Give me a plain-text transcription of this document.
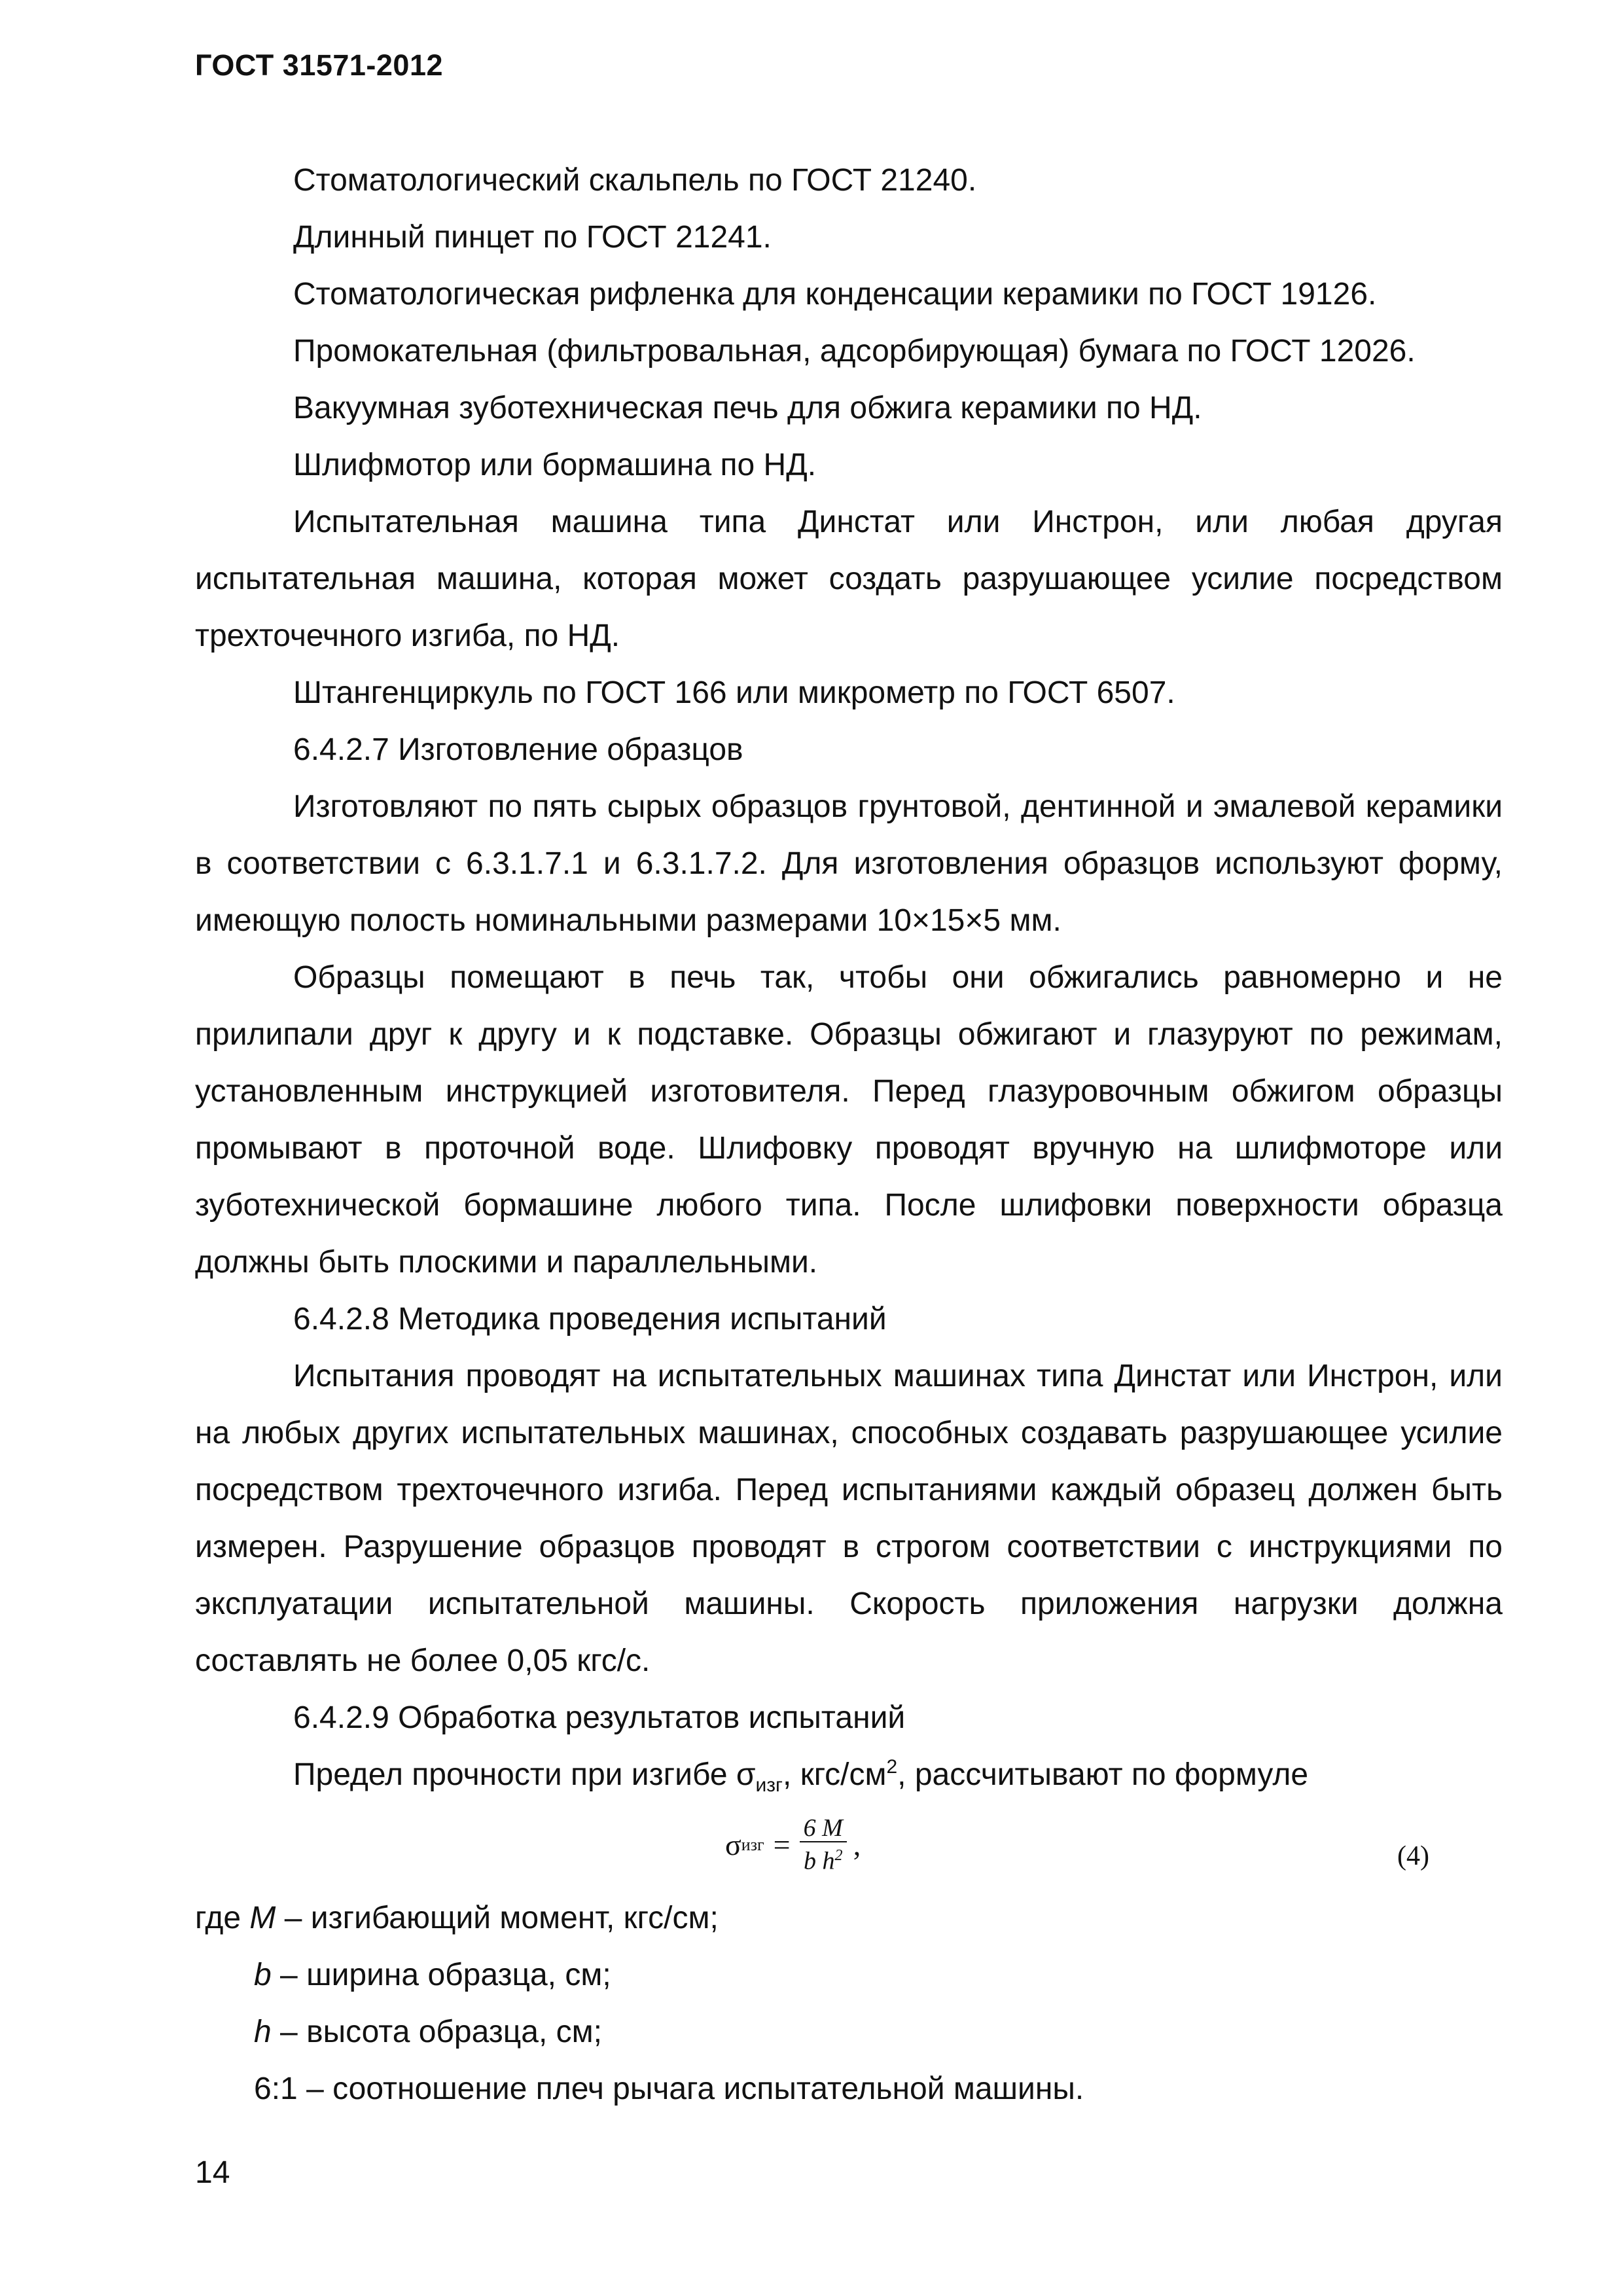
ГОСТ 31571-2012

Стоматологический скальпель по ГОСТ 21240.

Длинный пинцет по ГОСТ 21241.

Стоматологическая рифленка для конденсации керамики по ГОСТ 19126.

Промокательная (фильтровальная, адсорбирующая) бумага по ГОСТ 12026.

Вакуумная зуботехническая печь для обжига керамики по НД.

Шлифмотор или бормашина по НД.

Испытательная машина типа Динстат или Инстрон, или любая другая испытательная машина, которая может создать разрушающее усилие посредством трехточечного изгиба, по НД.

Штангенциркуль по ГОСТ 166 или микрометр по ГОСТ 6507.

6.4.2.7 Изготовление образцов

Изготовляют по пять сырых образцов грунтовой, дентинной и эмалевой керамики в соответствии с 6.3.1.7.1 и 6.3.1.7.2. Для изготовления образцов используют форму, имеющую полость номинальными размерами 10×15×5 мм.

Образцы помещают в печь так, чтобы они обжигались равномерно и не прилипали друг к другу и к подставке. Образцы обжигают и глазуруют по режимам, установленным инструкцией изготовителя. Перед глазуровочным обжигом образцы промывают в проточной воде. Шлифовку проводят вручную на шлифмоторе или зуботехнической бормашине любого типа. После шлифовки поверхности образца должны быть плоскими и параллельными.

6.4.2.8 Методика проведения испытаний

Испытания проводят на испытательных машинах типа Динстат или Инстрон, или на любых других испытательных машинах, способных создавать разрушающее усилие посредством трехточечного изгиба. Перед испытаниями каждый образец должен быть измерен. Разрушение образцов проводят в строгом соответствии с инструкциями по эксплуатации испытательной машины. Скорость приложения нагрузки должна составлять не более 0,05 кгс/с.

6.4.2.9 Обработка результатов испытаний

Предел прочности при изгибе $\sigma_{изг}$, кгс/$см^2$, рассчитывают по формуле

σ изг = $\frac{6 M}{b h^2}$ ,	(4)

где M – изгибающий момент, кгс/см;

b – ширина образца, см;

h – высота образца, см;

6:1 – соотношение плеч рычага испытательной машины.

14
